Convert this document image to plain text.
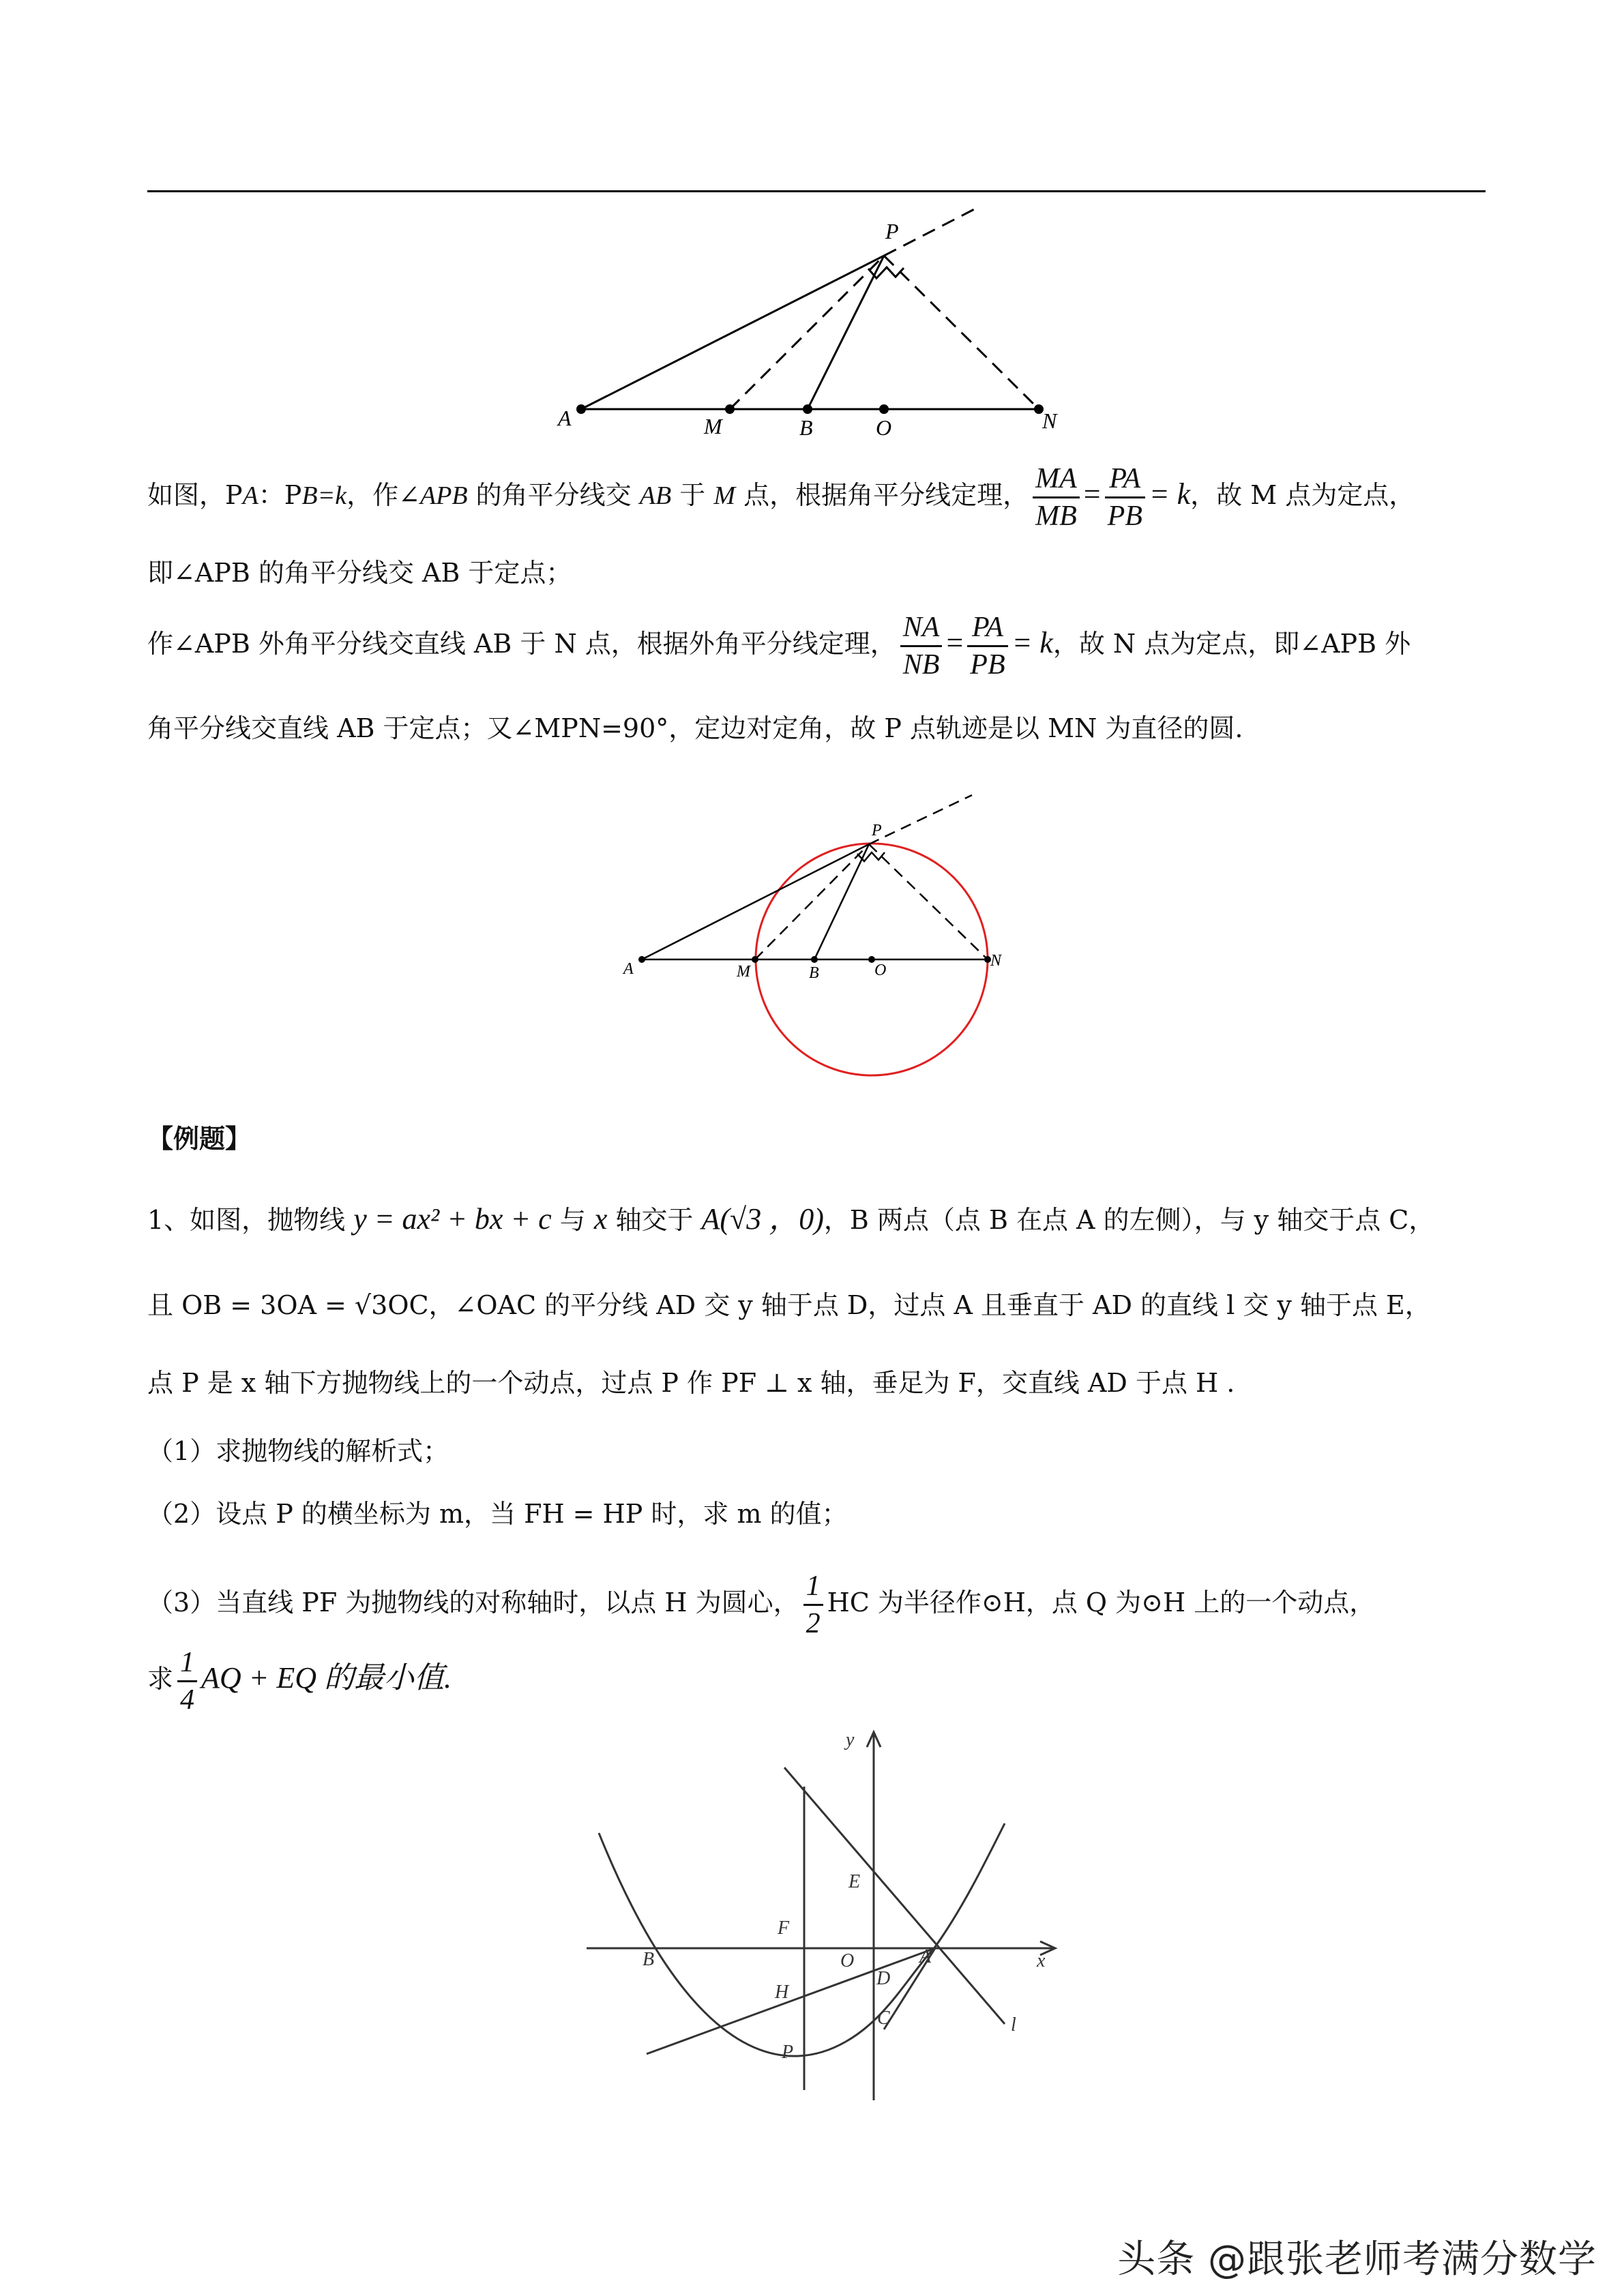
P
A	M	B	O	N
如图，PA：PB=k，作∠APB 的角平分线交 AB 于 M 点，根据角平分线定理， $\frac{MA}{MB} = \frac{PA}{PB} = k$，故 M 点为定点，
即∠APB 的角平分线交 AB 于定点；
作∠APB 外角平分线交直线 AB 于 N 点，根据外角平分线定理， $\frac{NA}{NB} = \frac{PA}{PB} = k$，故 N 点为定点，即∠APB 外
角平分线交直线 AB 于定点；又∠MPN=90°，定边对定角，故 P 点轨迹是以 MN 为直径的圆.
P
A	M	B	O
N
【例题】
1、如图，抛物线 y = ax² + bx + c 与 x 轴交于 A(√3 ，0)，B 两点（点 B 在点 A 的左侧），与 y 轴交于点 C，
且 OB = 3OA = √3OC，∠OAC 的平分线 AD 交 y 轴于点 D，过点 A 且垂直于 AD 的直线 l 交 y 轴于点 E，
点 P 是 x 轴下方抛物线上的一个动点，过点 P 作 PF ⊥ x 轴，垂足为 F，交直线 AD 于点 H .
（1）求抛物线的解析式；
（2）设点 P 的横坐标为 m，当 FH = HP 时，求 m 的值；
（3）当直线 PF 为抛物线的对称轴时，以点 H 为圆心， $\frac{1}{2}$ HC 为半径作⊙H，点 Q 为⊙H 上的一个动点，
求 $\frac{1}{4}$ AQ + EQ 的最小值.
y
x
E
F
B	O	A
D
H
C
P
l
头条 @跟张老师考满分数学
